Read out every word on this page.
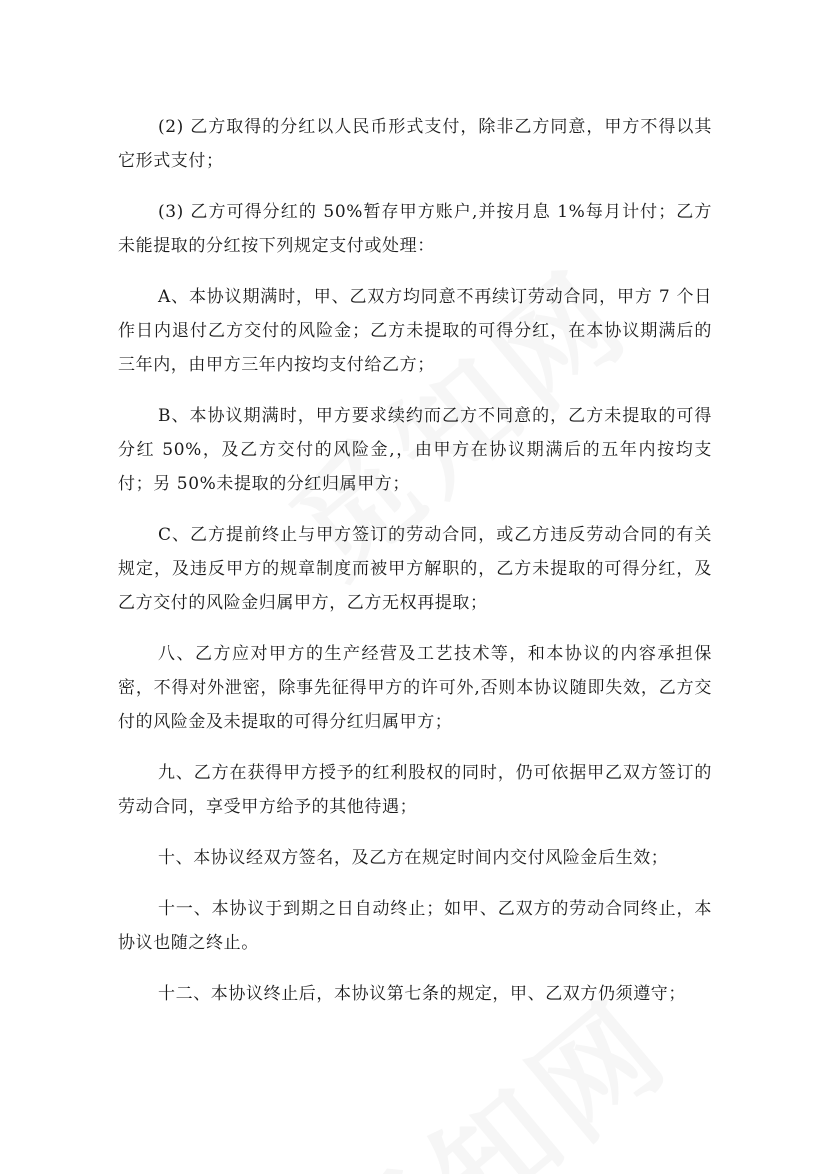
(2) 乙方取得的分红以人民币形式支付，除非乙方同意，甲方不得以其它形式支付；

(3) 乙方可得分红的 50%暂存甲方账户,并按月息 1%每月计付；乙方未能提取的分红按下列规定支付或处理：

A、本协议期满时，甲、乙双方均同意不再续订劳动合同，甲方 7 个日作日内退付乙方交付的风险金；乙方未提取的可得分红，在本协议期满后的三年内，由甲方三年内按均支付给乙方；

B、本协议期满时，甲方要求续约而乙方不同意的，乙方未提取的可得分红 50%，及乙方交付的风险金,，由甲方在协议期满后的五年内按均支付；另 50%未提取的分红归属甲方；

C、乙方提前终止与甲方签订的劳动合同，或乙方违反劳动合同的有关规定，及违反甲方的规章制度而被甲方解职的，乙方未提取的可得分红，及乙方交付的风险金归属甲方，乙方无权再提取；

八、乙方应对甲方的生产经营及工艺技术等，和本协议的内容承担保密，不得对外泄密，除事先征得甲方的许可外,否则本协议随即失效，乙方交付的风险金及未提取的可得分红归属甲方；

九、乙方在获得甲方授予的红利股权的同时，仍可依据甲乙双方签订的劳动合同，享受甲方给予的其他待遇；

十、本协议经双方签名，及乙方在规定时间内交付风险金后生效；

十一、本协议于到期之日自动终止；如甲、乙双方的劳动合同终止，本协议也随之终止。

十二、本协议终止后，本协议第七条的规定，甲、乙双方仍须遵守；
